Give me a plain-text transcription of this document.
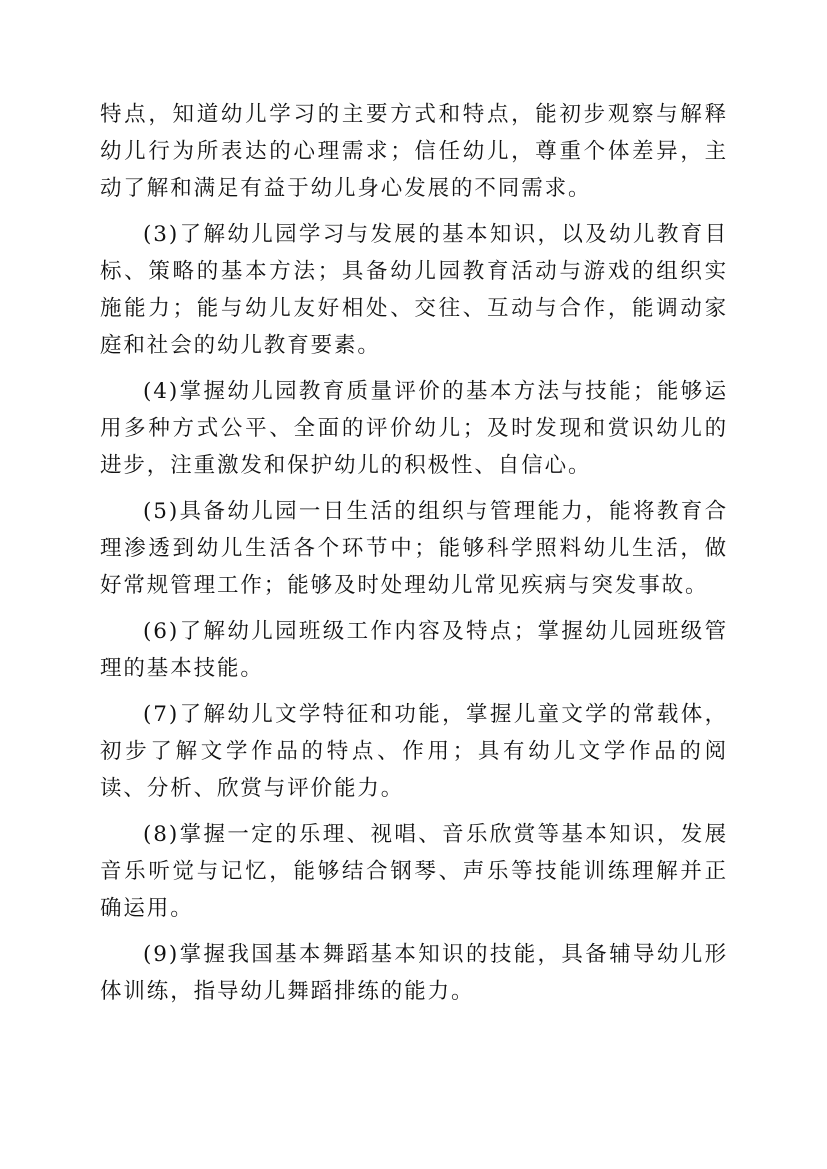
特点，知道幼儿学习的主要方式和特点，能初步观察与解释幼儿行为所表达的心理需求；信任幼儿，尊重个体差异，主动了解和满足有益于幼儿身心发展的不同需求。

(3)了解幼儿园学习与发展的基本知识，以及幼儿教育目标、策略的基本方法；具备幼儿园教育活动与游戏的组织实施能力；能与幼儿友好相处、交往、互动与合作，能调动家庭和社会的幼儿教育要素。

(4)掌握幼儿园教育质量评价的基本方法与技能；能够运用多种方式公平、全面的评价幼儿；及时发现和赏识幼儿的进步，注重激发和保护幼儿的积极性、自信心。

(5)具备幼儿园一日生活的组织与管理能力，能将教育合理渗透到幼儿生活各个环节中；能够科学照料幼儿生活，做好常规管理工作；能够及时处理幼儿常见疾病与突发事故。

(6)了解幼儿园班级工作内容及特点；掌握幼儿园班级管理的基本技能。

(7)了解幼儿文学特征和功能，掌握儿童文学的常载体，初步了解文学作品的特点、作用；具有幼儿文学作品的阅读、分析、欣赏与评价能力。

(8)掌握一定的乐理、视唱、音乐欣赏等基本知识，发展音乐听觉与记忆，能够结合钢琴、声乐等技能训练理解并正确运用。

(9)掌握我国基本舞蹈基本知识的技能，具备辅导幼儿形体训练，指导幼儿舞蹈排练的能力。
